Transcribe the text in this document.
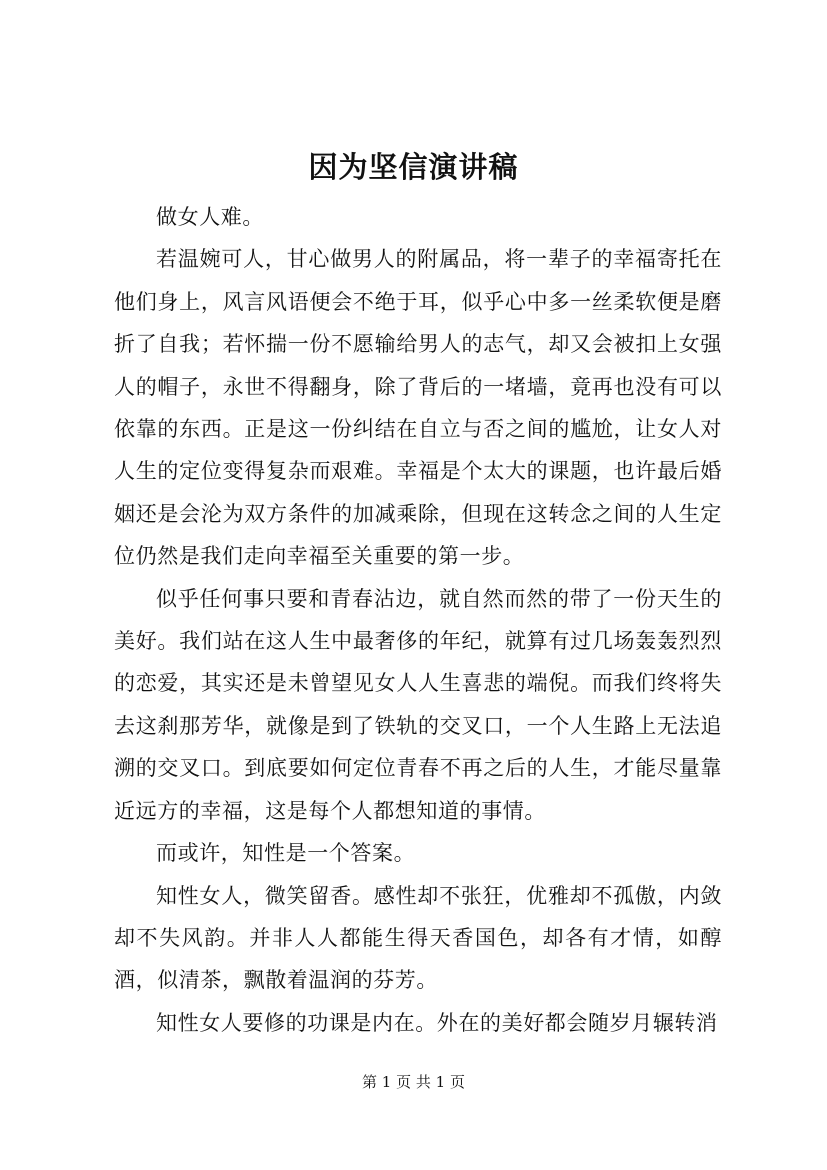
因为坚信演讲稿

做女人难。

若温婉可人，甘心做男人的附属品，将一辈子的幸福寄托在他们身上，风言风语便会不绝于耳，似乎心中多一丝柔软便是磨折了自我；若怀揣一份不愿输给男人的志气，却又会被扣上女强人的帽子，永世不得翻身，除了背后的一堵墙，竟再也没有可以依靠的东西。正是这一份纠结在自立与否之间的尴尬，让女人对人生的定位变得复杂而艰难。幸福是个太大的课题，也许最后婚姻还是会沦为双方条件的加减乘除，但现在这转念之间的人生定位仍然是我们走向幸福至关重要的第一步。

似乎任何事只要和青春沾边，就自然而然的带了一份天生的美好。我们站在这人生中最奢侈的年纪，就算有过几场轰轰烈烈的恋爱，其实还是未曾望见女人人生喜悲的端倪。而我们终将失去这刹那芳华，就像是到了铁轨的交叉口，一个人生路上无法追溯的交叉口。到底要如何定位青春不再之后的人生，才能尽量靠近远方的幸福，这是每个人都想知道的事情。

而或许，知性是一个答案。

知性女人，微笑留香。感性却不张狂，优雅却不孤傲，内敛却不失风韵。并非人人都能生得天香国色，却各有才情，如醇酒，似清茶，飘散着温润的芬芳。

知性女人要修的功课是内在。外在的美好都会随岁月辗转消

第 1 页 共 1 页
